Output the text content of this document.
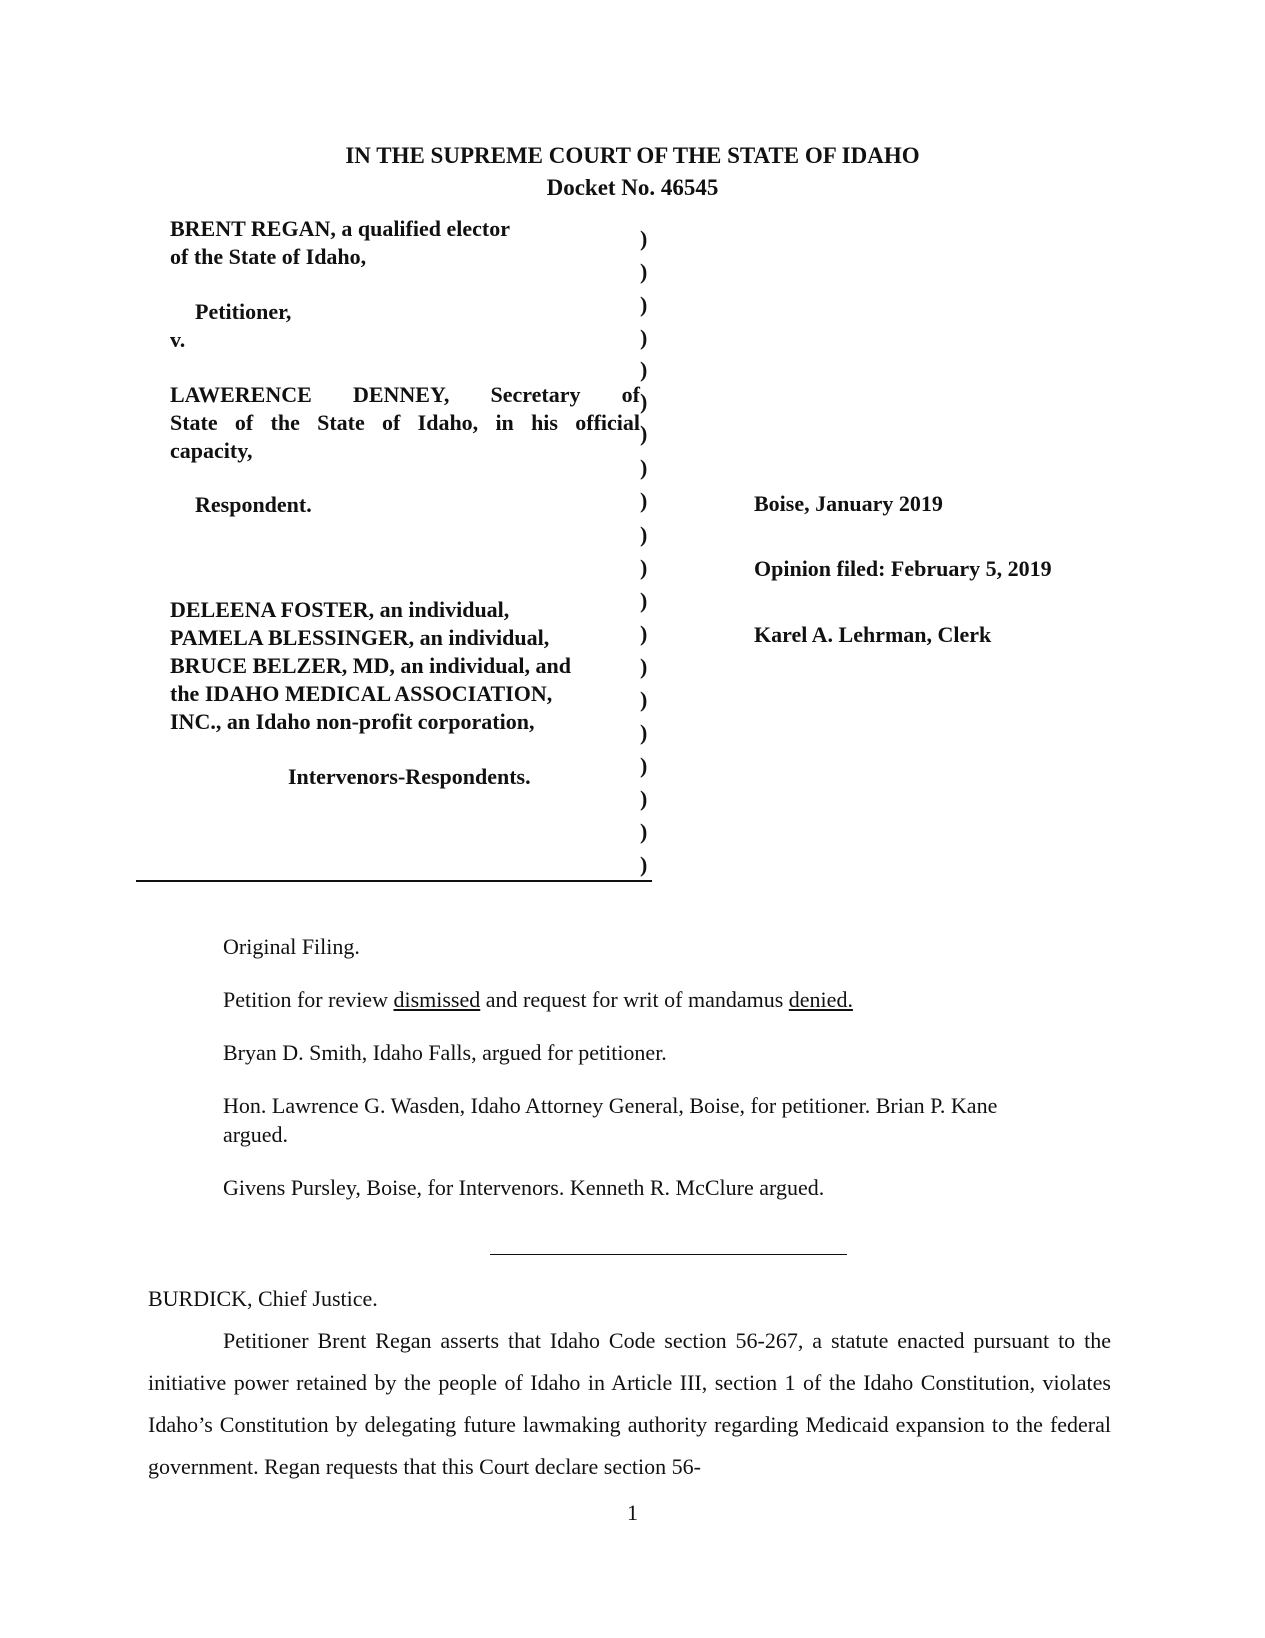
IN THE SUPREME COURT OF THE STATE OF IDAHO
Docket No. 46545
BRENT REGAN, a qualified elector
of the State of Idaho,
Petitioner,
v.
LAWERENCE DENNEY, Secretary of
State of the State of Idaho, in his official
capacity,
Respondent.
DELEENA FOSTER, an individual,
PAMELA BLESSINGER, an individual,
BRUCE BELZER, MD, an individual, and
the IDAHO MEDICAL ASSOCIATION,
INC., an Idaho non-profit corporation,
Intervenors-Respondents.
)
)
)
)
)
)
)
)
)
)
)
)
)
)
)
)
)
)
)
)
Boise, January 2019
Opinion filed: February 5, 2019
Karel A. Lehrman, Clerk
Original Filing.
Petition for review dismissed and request for writ of mandamus denied.
Bryan D. Smith, Idaho Falls, argued for petitioner.
Hon. Lawrence G. Wasden, Idaho Attorney General, Boise, for petitioner. Brian P. Kane
argued.
Givens Pursley, Boise, for Intervenors. Kenneth R. McClure argued.
BURDICK, Chief Justice.
Petitioner Brent Regan asserts that Idaho Code section 56-267, a statute enacted pursuant to the initiative power retained by the people of Idaho in Article III, section 1 of the Idaho Constitution, violates Idaho’s Constitution by delegating future lawmaking authority regarding Medicaid expansion to the federal government. Regan requests that this Court declare section 56-
1
